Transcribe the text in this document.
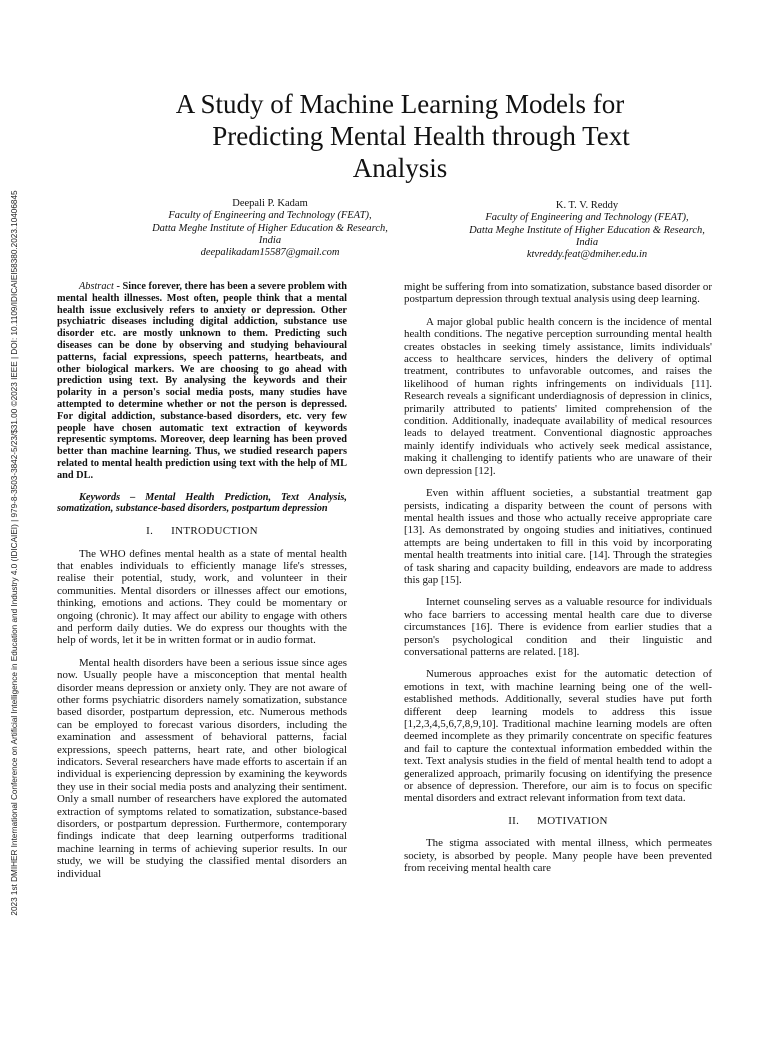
2023 1st DMIHER International Conference on Artificial Intelligence in Education and Industry 4.0 (IDICAIEI) | 979-8-3503-3842-5/23/$31.00 ©2023 IEEE | DOI: 10.1109/IDICAIEI58380.2023.10406845
A Study of Machine Learning Models for
Predicting Mental Health through Text
Analysis
Deepali P. Kadam
Faculty of Engineering and Technology (FEAT),
Datta Meghe Institute of Higher Education & Research,
India
deepalikadam15587@gmail.com
K. T. V. Reddy
Faculty of Engineering and Technology (FEAT),
Datta Meghe Institute of Higher Education & Research,
India
ktvreddy.feat@dmiher.edu.in
Abstract - Since forever, there has been a severe problem with mental health illnesses. Most often, people think that a mental health issue exclusively refers to anxiety or depression. Other psychiatric diseases including digital addiction, substance use disorder etc. are mostly unknown to them. Predicting such diseases can be done by observing and studying behavioural patterns, facial expressions, speech patterns, heartbeats, and other biological markers. We are choosing to go ahead with prediction using text. By analysing the keywords and their polarity in a person's social media posts, many studies have attempted to determine whether or not the person is depressed. For digital addiction, substance-based disorders, etc. very few people have chosen automatic text extraction of keywords representic symptoms. Moreover, deep learning has been proved better than machine learning. Thus, we studied research papers related to mental health prediction using text with the help of ML and DL.
Keywords – Mental Health Prediction, Text Analysis, somatization, substance-based disorders, postpartum depression
I. INTRODUCTION

The WHO defines mental health as a state of mental health that enables individuals to efficiently manage life's stresses, realise their potential, study, work, and volunteer in their communities. Mental disorders or illnesses affect our emotions, thinking, emotions and actions. They could be momentary or ongoing (chronic). It may affect our ability to engage with others and perform daily duties. We do express our thoughts with the help of words, let it be in written format or in audio format.

Mental health disorders have been a serious issue since ages now. Usually people have a misconception that mental health disorder means depression or anxiety only. They are not aware of other forms psychiatric disorders namely somatization, substance based disorder, postpartum depression, etc. Numerous methods can be employed to forecast various disorders, including the examination and assessment of behavioral patterns, facial expressions, speech patterns, heart rate, and other biological indicators. Several researchers have made efforts to ascertain if an individual is experiencing depression by examining the keywords they use in their social media posts and analyzing their sentiment. Only a small number of researchers have explored the automated extraction of symptoms related to somatization, substance-based disorders, or postpartum depression. Furthermore, contemporary findings indicate that deep learning outperforms traditional machine learning in terms of achieving superior results. In our study, we will be studying the classified mental disorders an individual

might be suffering from into somatization, substance based disorder or postpartum depression through textual analysis using deep learning.

A major global public health concern is the incidence of mental health conditions. The negative perception surrounding mental health creates obstacles in seeking timely assistance, limits individuals' access to healthcare services, hinders the delivery of optimal treatment, contributes to unfavorable outcomes, and raises the likelihood of human rights infringements on individuals [11]. Research reveals a significant underdiagnosis of depression in clinics, primarily attributed to patients' limited comprehension of the condition. Additionally, inadequate availability of medical resources leads to delayed treatment. Conventional diagnostic approaches mainly identify individuals who actively seek medical assistance, making it challenging to identify patients who are unaware of their own depression [12].

Even within affluent societies, a substantial treatment gap persists, indicating a disparity between the count of persons with mental health issues and those who actually receive appropriate care [13]. As demonstrated by ongoing studies and initiatives, continued attempts are being undertaken to fill in this void by incorporating mental health treatments into initial care. [14]. Through the strategies of task sharing and capacity building, endeavors are made to address this gap [15].

Internet counseling serves as a valuable resource for individuals who face barriers to accessing mental health care due to diverse circumstances [16]. There is evidence from earlier studies that a person's psychological condition and their linguistic and conversational patterns are related. [18].

Numerous approaches exist for the automatic detection of emotions in text, with machine learning being one of the well-established methods. Additionally, several studies have put forth different deep learning models to address this issue [1,2,3,4,5,6,7,8,9,10]. Traditional machine learning models are often deemed incomplete as they primarily concentrate on specific features and fail to capture the contextual information embedded within the text. Text analysis studies in the field of mental health tend to adopt a generalized approach, primarily focusing on identifying the presence or absence of depression. Therefore, our aim is to focus on specific mental disorders and extract relevant information from text data.

II. MOTIVATION

The stigma associated with mental illness, which permeates society, is absorbed by people. Many people have been prevented from receiving mental health care
